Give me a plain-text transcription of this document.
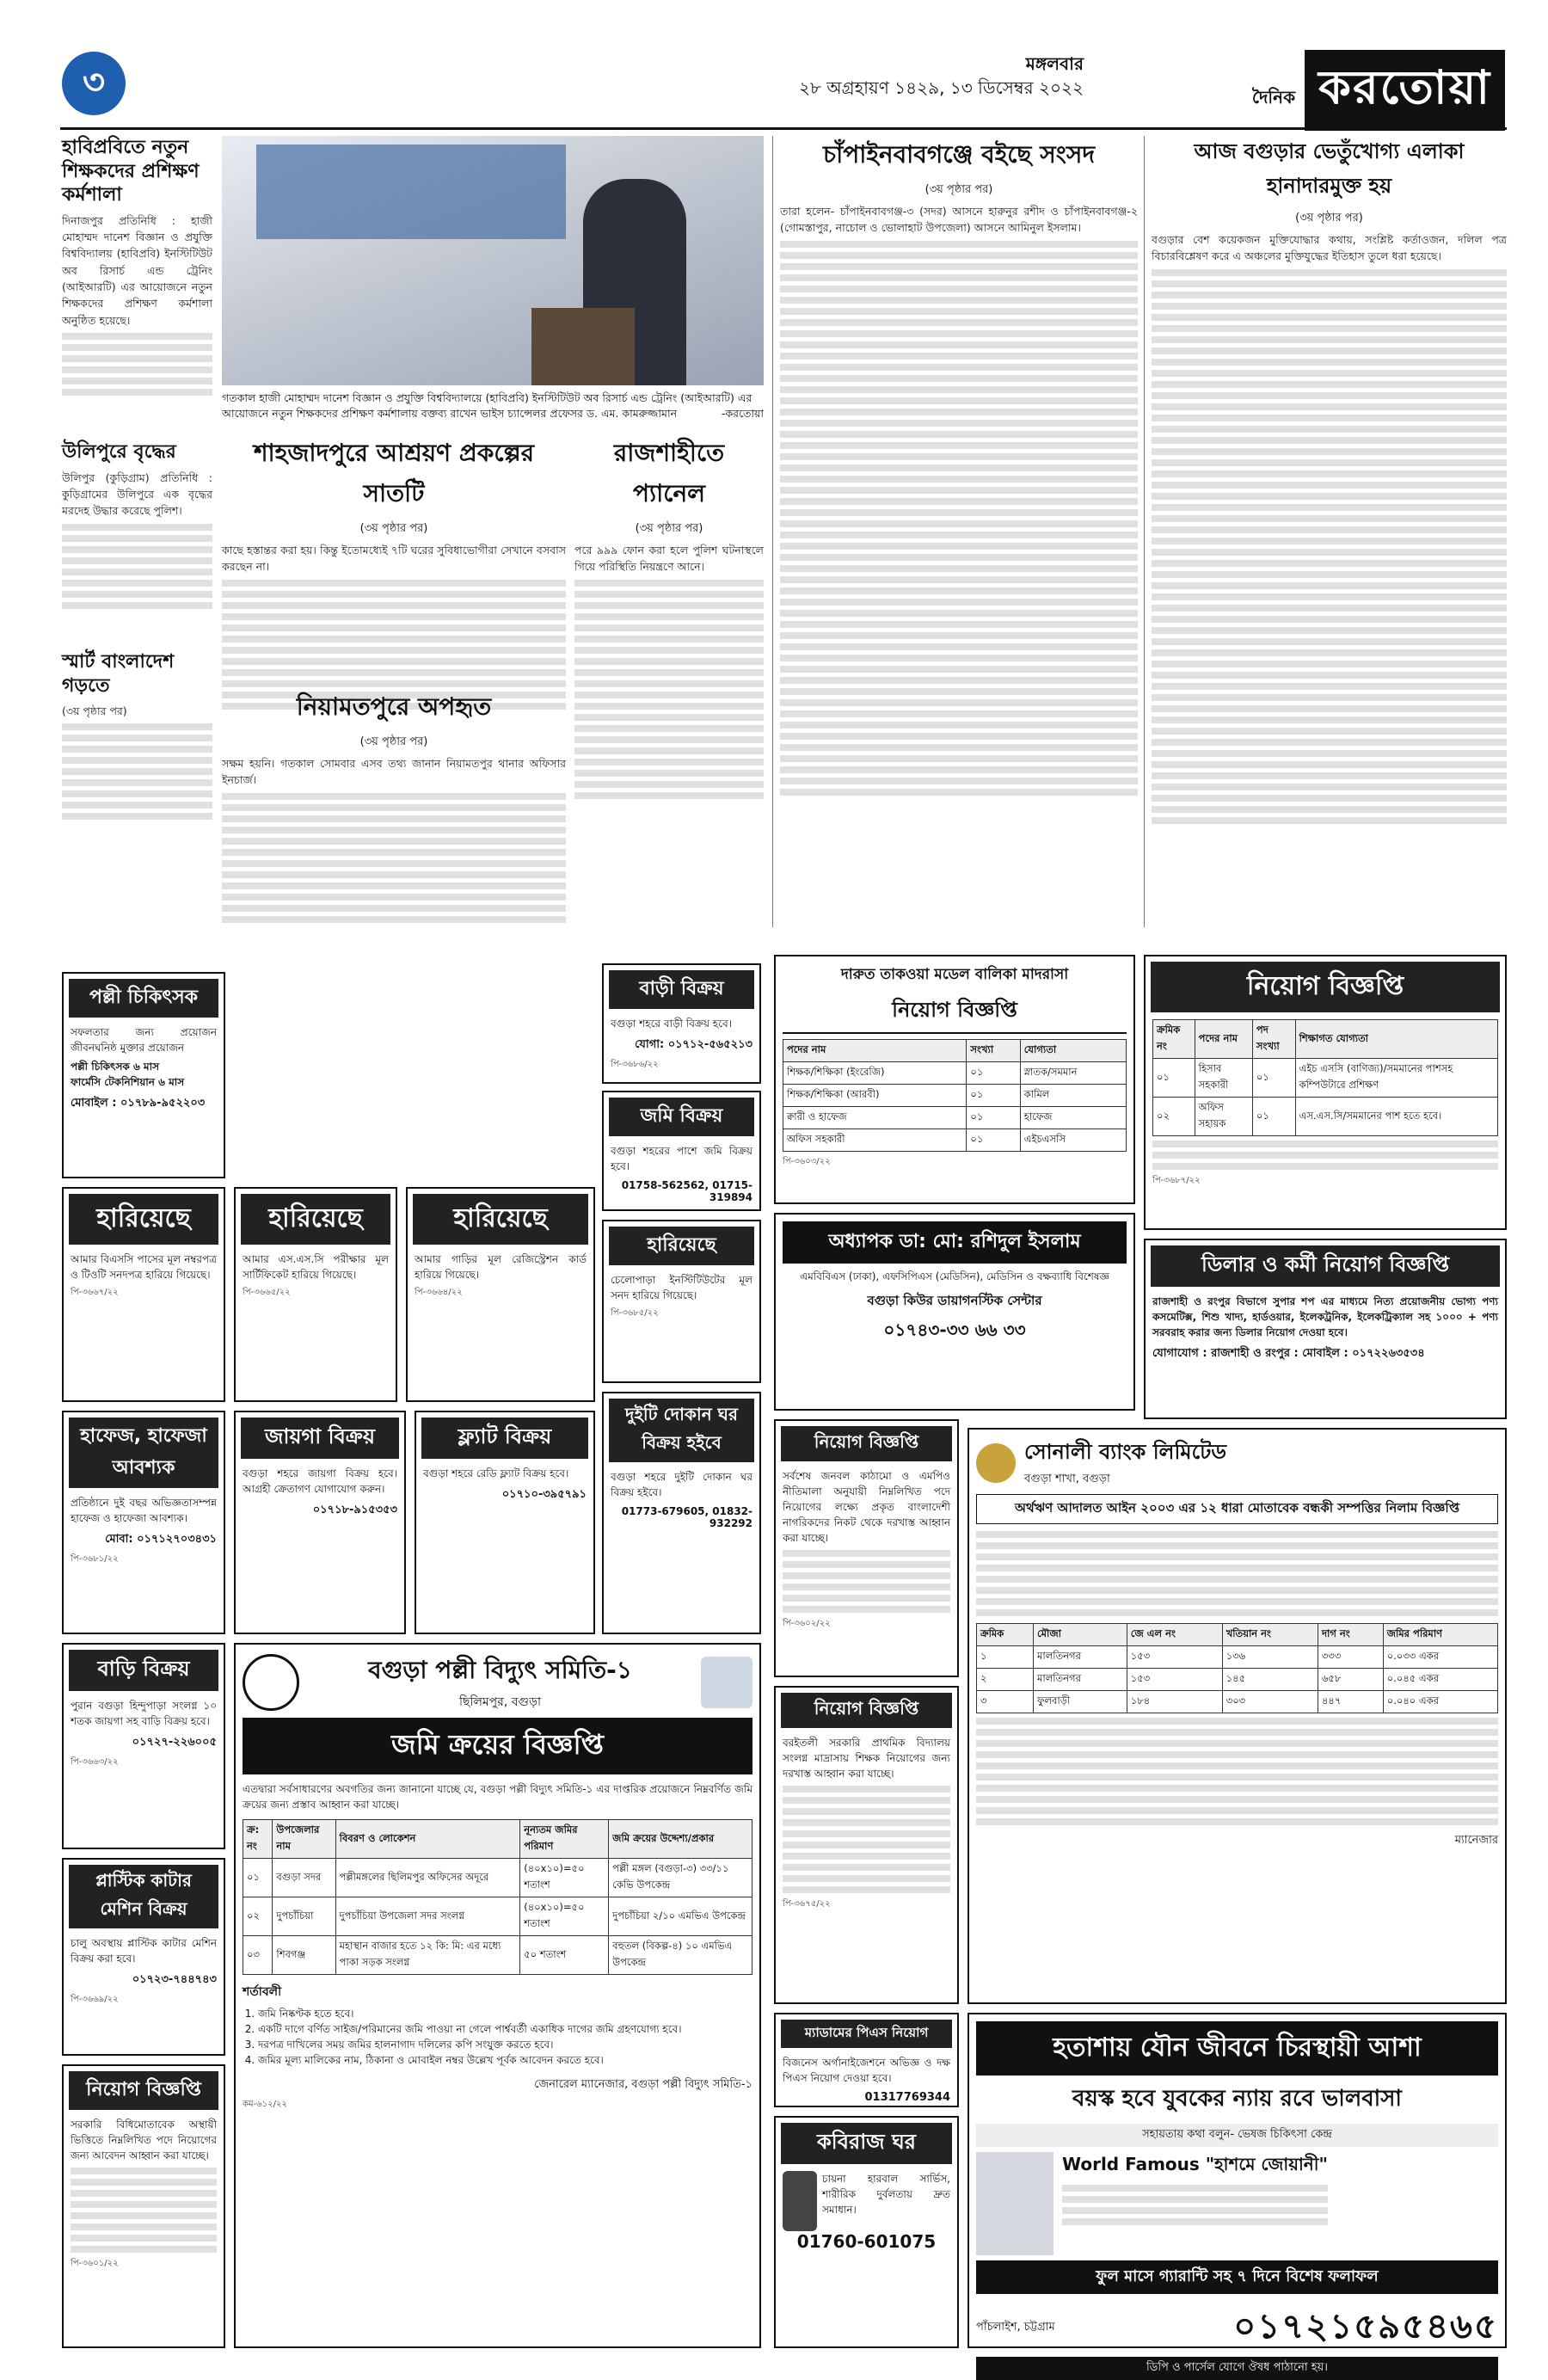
৩	দৈনিক করতোয়া
মঙ্গলবার
২৮ অগ্রহায়ণ ১৪২৯, ১৩ ডিসেম্বর ২০২২
হাবিপ্রবিতে নতুন শিক্ষকদের প্রশিক্ষণ কর্মশালা
দিনাজপুর প্রতিনিধি : হাজী মোহাম্মদ দানেশ বিজ্ঞান ও প্রযুক্তি বিশ্ববিদ্যালয় (হাবিপ্রবি) ইনস্টিটিউট অব রিসার্চ এন্ড ট্রেনিং (আইআরটি) এর আয়োজনে নতুন শিক্ষকদের প্রশিক্ষণ কর্মশালা অনুষ্ঠিত হয়েছে।
উলিপুরে বৃদ্ধের
উলিপুর (কুড়িগ্রাম) প্রতিনিধি : কুড়িগ্রামের উলিপুরে এক বৃদ্ধের মরদেহ উদ্ধার করেছে পুলিশ।
স্মার্ট বাংলাদেশ গড়তে
(৩য় পৃষ্ঠার পর)
গতকাল হাজী মোহাম্মদ দানেশ বিজ্ঞান ও প্রযুক্তি বিশ্ববিদ্যালয়ে (হাবিপ্রবি) ইনস্টিটিউট অব রিসার্চ এন্ড ট্রেনিং (আইআরটি) এর আয়োজনে নতুন শিক্ষকদের প্রশিক্ষণ কর্মশালায় বক্তব্য রাখেন ভাইস চ্যান্সেলর প্রফেসর ড. এম. কামরুজ্জামান	-করতোয়া
শাহজাদপুরে আশ্রয়ণ প্রকল্পের সাতটি
(৩য় পৃষ্ঠার পর)
কাছে হস্তান্তর করা হয়। কিন্তু ইতোমধ্যেই ৭টি ঘরের সুবিধাভোগীরা সেখানে বসবাস করছেন না।
রাজশাহীতে প্যানেল
(৩য় পৃষ্ঠার পর)
পরে ৯৯৯ ফোন করা হলে পুলিশ ঘটনাস্থলে গিয়ে পরিস্থিতি নিয়ন্ত্রণে আনে।
নিয়ামতপুরে অপহৃত
(৩য় পৃষ্ঠার পর)
সক্ষম হয়নি। গতকাল সোমবার এসব তথ্য জানান নিয়ামতপুর থানার অফিসার ইনচার্জ।
চাঁপাইনবাবগঞ্জে বইছে সংসদ
(৩য় পৃষ্ঠার পর)
তারা হলেন- চাঁপাইনবাবগঞ্জ-৩ (সদর) আসনে হারুনুর রশীদ ও চাঁপাইনবাবগঞ্জ-২ (গোমস্তাপুর, নাচোল ও ভোলাহাট উপজেলা) আসনে আমিনুল ইসলাম।
আজ বগুড়ার ভেতুঁখোগ্য এলাকা হানাদারমুক্ত হয়
(৩য় পৃষ্ঠার পর)
বগুড়ার বেশ কয়েকজন মুক্তিযোদ্ধার কথায়, সংশ্লিষ্ট কর্তাওজন, দলিল পত্র বিচারবিশ্লেষণ করে এ অঞ্চলের মুক্তিযুদ্ধের ইতিহাস তুলে ধরা হয়েছে।
পল্লী চিকিৎসক
সফলতার জন্য প্রয়োজন জীবনঘনিষ্ঠ মুক্তার প্রয়োজন
পল্লী চিকিৎসক ৬ মাস
ফার্মেসি টেকনিশিয়ান ৬ মাস
মোবাইল : ০১৭৮৯-৯৫২২০৩
হারিয়েছে
আমার বিএসসি পাসের মূল নম্বরপত্র ও টিওটি সনদপত্র হারিয়ে গিয়েছে।
পি-৩৬৬৭/২২
হারিয়েছে
আমার এস.এস.সি পরীক্ষার মূল সার্টিফিকেট হারিয়ে গিয়েছে।
পি-৩৬৬৫/২২
হারিয়েছে
আমার গাড়ির মূল রেজিস্ট্রেশন কার্ড হারিয়ে গিয়েছে।
পি-৩৬৬৪/২২
হাফেজ, হাফেজা আবশ্যক
প্রতিষ্ঠানে দুই বছর অভিজ্ঞতাসম্পন্ন হাফেজ ও হাফেজা আবশ্যক।
মোবা: ০১৭১২৭০৩৪৩১
পি-৩৬৮১/২২
জায়গা বিক্রয়
বগুড়া শহরে জায়গা বিক্রয় হবে। আগ্রহী ক্রেতাগণ যোগাযোগ করুন।
০১৭১৮-৯১৫৩৫৩
ফ্ল্যাট বিক্রয়
বগুড়া শহরে রেডি ফ্ল্যাট বিক্রয় হবে।
০১৭১০-৩৯৫৭৯১
বাড়ী বিক্রয়
বগুড়া শহরে বাড়ী বিক্রয় হবে।
যোগা: ০১৭১২-৫৬৫২১৩
পি-৩৬৮৬/২২
জমি বিক্রয়
বগুড়া শহরের পাশে জমি বিক্রয় হবে।
01758-562562, 01715-319894
হারিয়েছে
চেলোপাড়া ইনস্টিটিউটের মূল সনদ হারিয়ে গিয়েছে।
পি-৩৬৮৫/২২
দুইটি দোকান ঘর বিক্রয় হইবে
বগুড়া শহরে দুইটি দোকান ঘর বিক্রয় হইবে।
01773-679605, 01832-932292
বাড়ি বিক্রয়
পুরান বগুড়া হিন্দুপাড়া সংলগ্ন ১০ শতক জায়গা সহ বাড়ি বিক্রয় হবে।
০১৭২৭-২২৬০০৫
পি-৩৬৬৩/২২
প্লাস্টিক কাটার মেশিন বিক্রয়
চালু অবস্থায় প্লাস্টিক কাটার মেশিন বিক্রয় করা হবে।
০১৭২৩-৭৪৪৭৪৩
পি-৩৬৬৯/২২
নিয়োগ বিজ্ঞপ্তি
সরকারি বিধিমোতাবেক অস্থায়ী ভিত্তিতে নিম্নলিখিত পদে নিয়োগের জন্য আবেদন আহ্বান করা যাচ্ছে।
পি-৩৬০১/২২
বগুড়া পল্লী বিদ্যুৎ সমিতি-১
ছিলিমপুর, বগুড়া
জমি ক্রয়ের বিজ্ঞপ্তি
এতদ্বারা সর্বসাধারণের অবগতির জন্য জানানো যাচ্ছে যে, বগুড়া পল্লী বিদ্যুৎ সমিতি-১ এর দাপ্তরিক প্রয়োজনে নিম্নবর্ণিত জমি ক্রয়ের জন্য প্রস্তাব আহ্বান করা যাচ্ছে।
ক্র: নং	উপজেলার নাম	বিবরণ ও লোকেশন	নূন্যতম জমির পরিমাণ	জমি ক্রয়ের উদ্দেশ্য/প্রকার
০১	বগুড়া সদর	পল্লীমঙ্গলের ছিলিমপুর অফিসের অদূরে	(৪০x১০)=৫০ শতাংশ	পল্লী মঙ্গল (বগুড়া-৩) ৩৩/১১ কেভি উপকেন্দ্র
০২	দুপচাঁচিয়া	দুপচাঁচিয়া উপজেলা সদর সংলগ্ন	(৪০x১০)=৫০ শতাংশ	দুপচাঁচিয়া ২/১০ এমভিএ উপকেন্দ্র
০৩	শিবগঞ্জ	মহাস্থান বাজার হতে ১২ কি: মি: এর মধ্যে পাকা সড়ক সংলগ্ন	৫০ শতাংশ	বহুতল (বিকল্প-৪) ১০ এমভিএ উপকেন্দ্র
শর্তাবলী
1. জমি নিষ্কণ্টক হতে হবে।
2. একটি দাগে বর্ণিত সাইজ/পরিমানের জমি পাওয়া না গেলে পার্শ্ববর্তী একাধিক দাগের জমি গ্রহণযোগ্য হবে।
3. দরপত্র দাখিলের সময় জমির হালনাগাদ দলিলের কপি সংযুক্ত করতে হবে।
4. জমির মূল্য মালিকের নাম, ঠিকানা ও মোবাইল নম্বর উল্লেখ পূর্বক আবেদন করতে হবে।
জেনারেল ম্যানেজার, বগুড়া পল্লী বিদ্যুৎ সমিতি-১
কম-৬১২/২২
দারুত তাকওয়া মডেল বালিকা মাদরাসা
নিয়োগ বিজ্ঞপ্তি
পদের নাম	সংখ্যা	যোগ্যতা
শিক্ষক/শিক্ষিকা (ইংরেজি)	০১	স্নাতক/সমমান
শিক্ষক/শিক্ষিকা (আরবী)	০১	কামিল
ক্বারী ও হাফেজ	০১	হাফেজ
অফিস সহকারী	০১	এইচএসসি
পি-৩৬০৩/২২
অধ্যাপক ডা: মো: রশিদুল ইসলাম
এমবিবিএস (ঢাকা), এফসিপিএস (মেডিসিন), মেডিসিন ও বক্ষব্যাধি বিশেষজ্ঞ
বগুড়া কিউর ডায়াগনস্টিক সেন্টার
০১৭৪৩-৩৩ ৬৬ ৩৩
নিয়োগ বিজ্ঞপ্তি
সর্বশেষ জনবল কাঠামো ও এমপিও নীতিমালা অনুযায়ী নিম্নলিখিত পদে নিয়োগের লক্ষ্যে প্রকৃত বাংলাদেশী নাগরিকদের নিকট থেকে দরখাস্ত আহ্বান করা যাচ্ছে।
পি-৩৬০২/২২
নিয়োগ বিজ্ঞপ্তি
বরইতলী সরকারি প্রাথমিক বিদ্যালয় সংলগ্ন মাদ্রাসায় শিক্ষক নিয়োগের জন্য দরখাস্ত আহ্বান করা যাচ্ছে।
পি-৩৬৭৫/২২
ম্যাডামের পিএস নিয়োগ
বিজনেস অর্গানাইজেশনে অভিজ্ঞ ও দক্ষ পিএস নিয়োগ দেওয়া হবে।
01317769344
কবিরাজ ঘর
চায়না হারবাল সার্ভিস, শারীরিক দুর্বলতায় দ্রুত সমাধান।
01760-601075
নিয়োগ বিজ্ঞপ্তি
ক্রমিক নং	পদের নাম	পদ সংখ্যা	শিক্ষাগত যোগ্যতা
০১	হিসাব সহকারী	০১	এইচ এসসি (বাণিজ্য)/সমমানের পাশসহ কম্পিউটারে প্রশিক্ষণ
০২	অফিস সহায়ক	০১	এস.এস.সি/সমমানের পাশ হতে হবে।
পি-৩৬৮৭/২২
ডিলার ও কর্মী নিয়োগ বিজ্ঞপ্তি
রাজশাহী ও রংপুর বিভাগে সুপার শপ এর মাধ্যমে নিত্য প্রয়োজনীয় ভোগ্য পণ্য কসমেটিক্স, শিশু খাদ্য, হার্ডওয়ার, ইলেকট্রনিক, ইলেকট্রিক্যাল সহ ১০০০ + পণ্য সরবরাহ করার জন্য ডিলার নিয়োগ দেওয়া হবে।
যোগাযোগ : রাজশাহী ও রংপুর : মোবাইল : ০১৭২২৬৩৫৩৪
সোনালী ব্যাংক লিমিটেড
বগুড়া শাখা, বগুড়া
অর্থঋণ আদালত আইন ২০০৩ এর ১২ ধারা মোতাবেক বন্ধকী সম্পত্তির নিলাম বিজ্ঞপ্তি
ক্রমিক	মৌজা	জে এল নং	খতিয়ান নং	দাগ নং	জমির পরিমাণ
১	মালতিনগর	১৫৩	১৩৬	৩৩৩	০.০৩৩ একর
২	মালতিনগর	১৫৩	১৪৫	৬৫৮	০.০৪৫ একর
৩	ফুলবাড়ী	১৮৪	৩০৩	৪৪৭	০.০৪০ একর
ম্যানেজার
হতাশায় যৌন জীবনে চিরস্থায়ী আশা
বয়স্ক হবে যুবকের ন্যায় রবে ভালবাসা
সহায়তায় কথা বলুন- ভেষজ চিকিৎসা কেন্দ্র
World Famous "হাশমে জোয়ানী"
ফুল মাসে গ্যারান্টি সহ ৭ দিনে বিশেষ ফলাফল
পাঁচলাইশ, চট্টগ্রাম	০১৭২১৫৯৫৪৬৫
ডিপি ও পার্সেল যোগে ঔষধ পাঠানো হয়।
